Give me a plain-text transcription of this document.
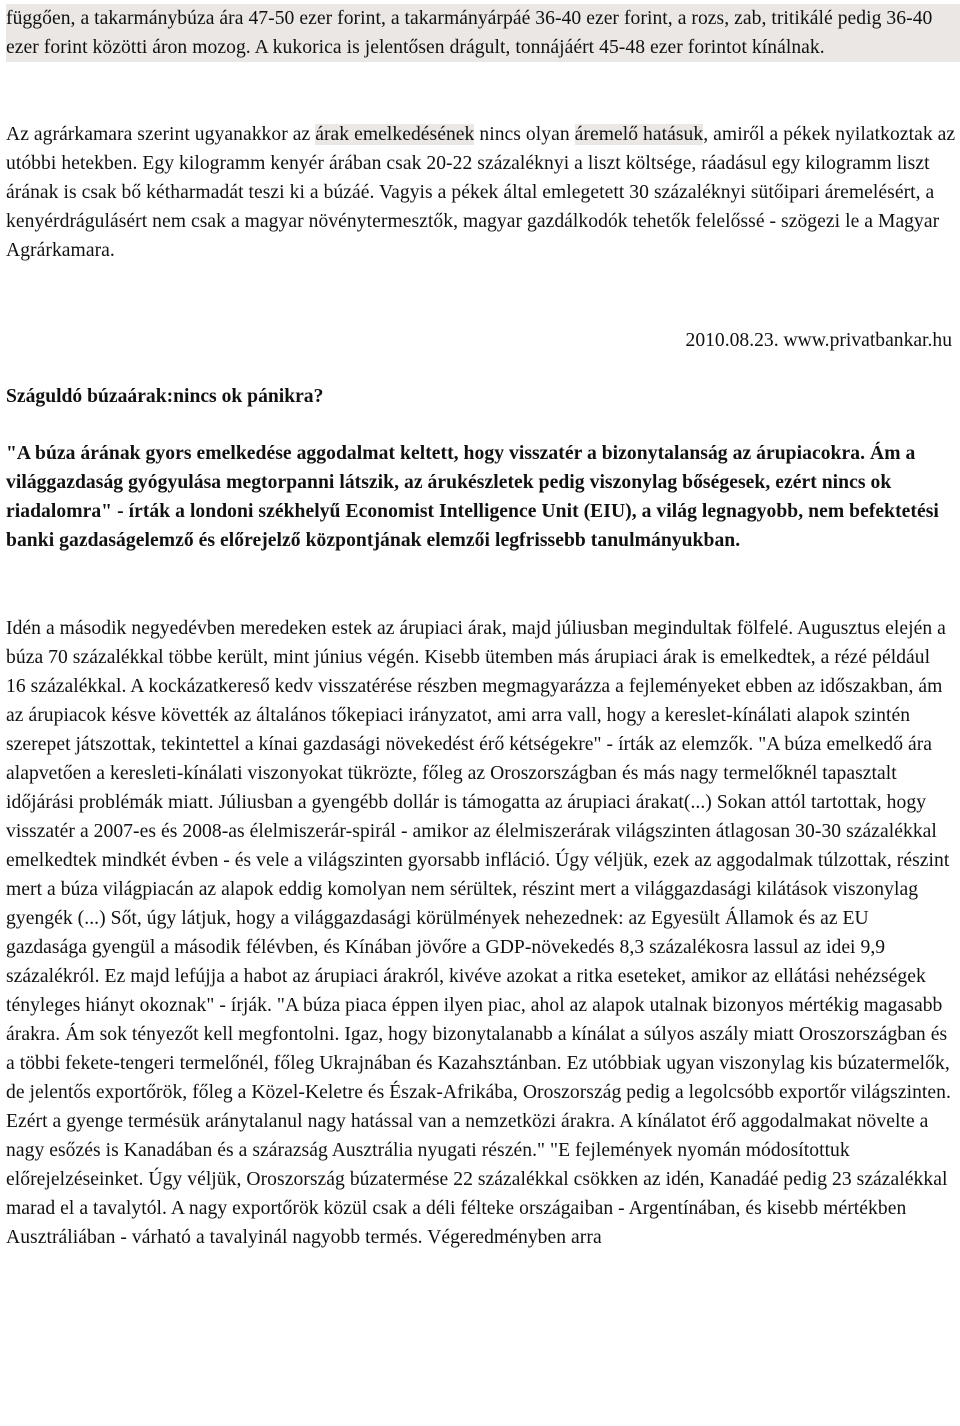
függően, a takarmánybúza ára 47-50 ezer forint, a takarmányárpáé 36-40 ezer forint, a rozs, zab, tritikálé pedig 36-40 ezer forint közötti áron mozog. A kukorica is jelentősen drágult, tonnájáért 45-48 ezer forintot kínálnak.

Az agrárkamara szerint ugyanakkor az árak emelkedésének nincs olyan áremelő hatásuk, amiről a pékek nyilatkoztak az utóbbi hetekben. Egy kilogramm kenyér árában csak 20-22 százaléknyi a liszt költsége, ráadásul egy kilogramm liszt árának is csak bő kétharmadát teszi ki a búzáé. Vagyis a pékek által emlegetett 30 százaléknyi sütőipari áremelésért, a kenyérdrágulásért nem csak a magyar növénytermesztők, magyar gazdálkodók tehetők felelőssé - szögezi le a Magyar Agrárkamara.

2010.08.23. www.privatbankar.hu
Száguldó búzaárak:nincs ok pánikra?

"A búza árának gyors emelkedése aggodalmat keltett, hogy visszatér a bizonytalanság az árupiacokra. Ám a világgazdaság gyógyulása megtorpanni látszik, az árukészletek pedig viszonylag bőségesek, ezért nincs ok riadalomra" - írták a londoni székhelyű Economist Intelligence Unit (EIU), a világ legnagyobb, nem befektetési banki gazdaságelemző és előrejelző központjának elemzői legfrissebb tanulmányukban.

Idén a második negyedévben meredeken estek az árupiaci árak, majd júliusban megindultak fölfelé. Augusztus elején a búza 70 százalékkal többe került, mint június végén. Kisebb ütemben más árupiaci árak is emelkedtek, a rézé például 16 százalékkal. A kockázatkereső kedv visszatérése részben megmagyarázza a fejleményeket ebben az időszakban, ám az árupiacok késve követték az általános tőkepiaci irányzatot, ami arra vall, hogy a kereslet-kínálati alapok szintén szerepet játszottak, tekintettel a kínai gazdasági növekedést érő kétségekre" - írták az elemzők. "A búza emelkedő ára alapvetően a keresleti-kínálati viszonyokat tükrözte, főleg az Oroszországban és más nagy termelőknél tapasztalt időjárási problémák miatt. Júliusban a gyengébb dollár is támogatta az árupiaci árakat(...) Sokan attól tartottak, hogy visszatér a 2007-es és 2008-as élelmiszerár-spirál - amikor az élelmiszerárak világszinten átlagosan 30-30 százalékkal emelkedtek mindkét évben - és vele a világszinten gyorsabb infláció. Úgy véljük, ezek az aggodalmak túlzottak, részint mert a búza világpiacán az alapok eddig komolyan nem sérültek, részint mert a világgazdasági kilátások viszonylag gyengék (...) Sőt, úgy látjuk, hogy a világgazdasági körülmények nehezednek: az Egyesült Államok és az EU gazdasága gyengül a második félévben, és Kínában jövőre a GDP-növekedés 8,3 százalékosra lassul az idei 9,9 százalékról. Ez majd lefújja a habot az árupiaci árakról, kivéve azokat a ritka eseteket, amikor az ellátási nehézségek tényleges hiányt okoznak" - írják. "A búza piaca éppen ilyen piac, ahol az alapok utalnak bizonyos mértékig magasabb árakra. Ám sok tényezőt kell megfontolni. Igaz, hogy bizonytalanabb a kínálat a súlyos aszály miatt Oroszországban és a többi fekete-tengeri termelőnél, főleg Ukrajnában és Kazahsztánban. Ez utóbbiak ugyan viszonylag kis búzatermelők, de jelentős exportőrök, főleg a Közel-Keletre és Észak-Afrikába, Oroszország pedig a legolcsóbb exportőr világszinten. Ezért a gyenge termésük aránytalanul nagy hatással van a nemzetközi árakra. A kínálatot érő aggodalmakat növelte a nagy esőzés is Kanadában és a szárazság Ausztrália nyugati részén." "E fejlemények nyomán módosítottuk előrejelzéseinket. Úgy véljük, Oroszország búzatermése 22 százalékkal csökken az idén, Kanadáé pedig 23 százalékkal marad el a tavalytól. A nagy exportőrök közül csak a déli félteke országaiban - Argentínában, és kisebb mértékben Ausztráliában - várható a tavalyinál nagyobb termés. Végeredményben arra
